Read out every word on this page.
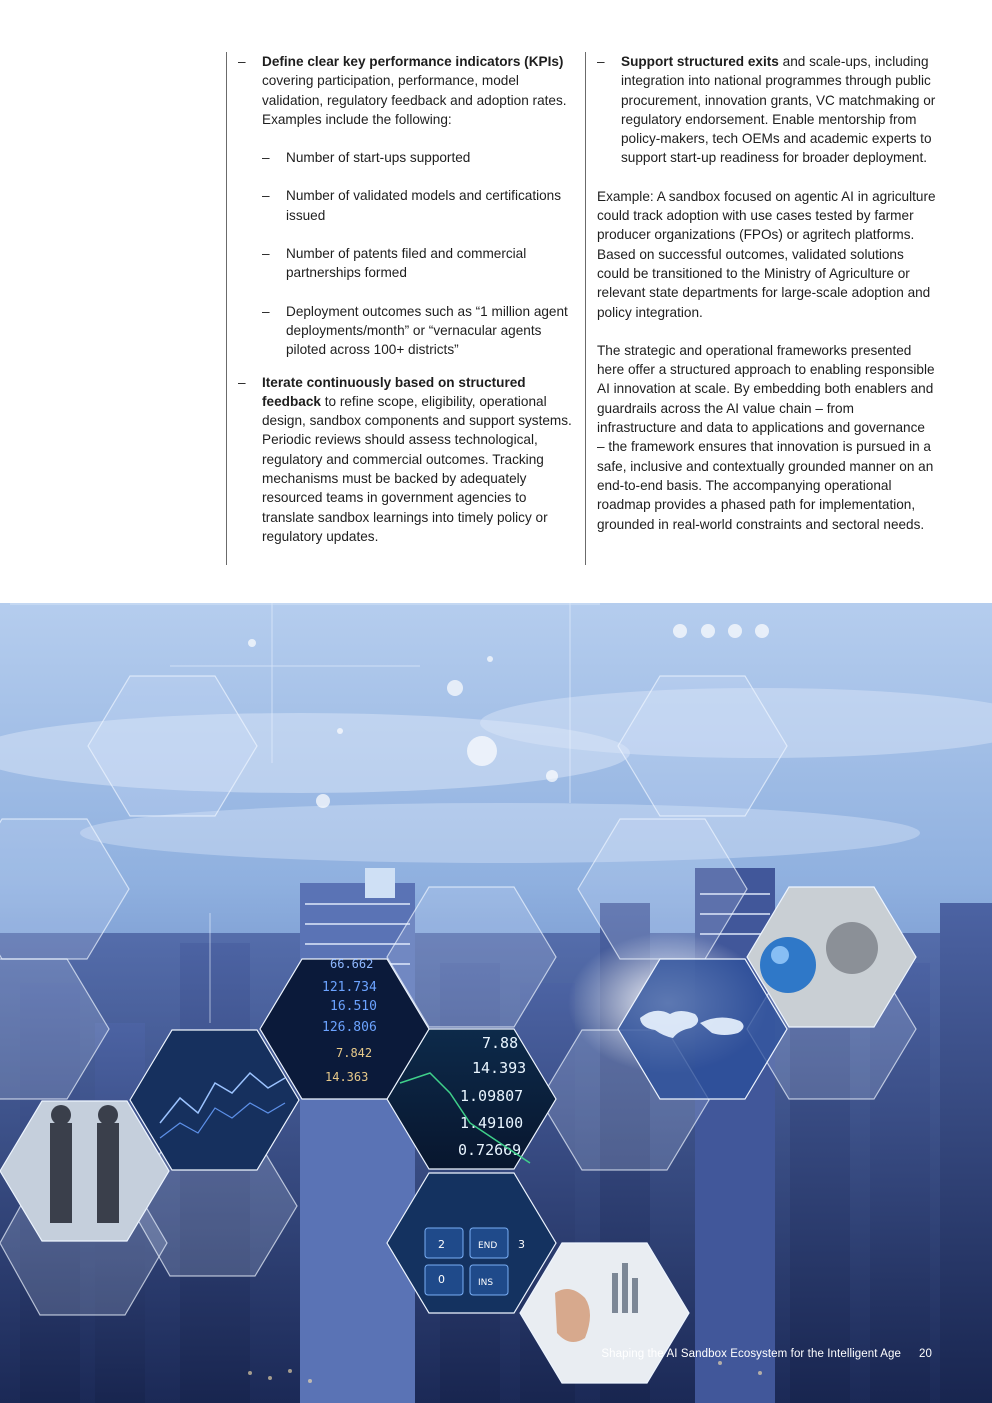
– Define clear key performance indicators (KPIs) covering participation, performance, model validation, regulatory feedback and adoption rates. Examples include the following:
– Number of start-ups supported
– Number of validated models and certifications issued
– Number of patents filed and commercial partnerships formed
– Deployment outcomes such as “1 million agent deployments/month” or “vernacular agents piloted across 100+ districts”
– Iterate continuously based on structured feedback to refine scope, eligibility, operational design, sandbox components and support systems. Periodic reviews should assess technological, regulatory and commercial outcomes. Tracking mechanisms must be backed by adequately resourced teams in government agencies to translate sandbox learnings into timely policy or regulatory updates.
– Support structured exits and scale-ups, including integration into national programmes through public procurement, innovation grants, VC matchmaking or regulatory endorsement. Enable mentorship from policy-makers, tech OEMs and academic experts to support start-up readiness for broader deployment.

Example: A sandbox focused on agentic AI in agriculture could track adoption with use cases tested by farmer producer organizations (FPOs) or agritech platforms. Based on successful outcomes, validated solutions could be transitioned to the Ministry of Agriculture or relevant state departments for large-scale adoption and policy integration.

The strategic and operational frameworks presented here offer a structured approach to enabling responsible AI innovation at scale. By embedding both enablers and guardrails across the AI value chain – from infrastructure and data to applications and governance – the framework ensures that innovation is pursued in a safe, inclusive and contextually grounded manner on an end-to-end basis. The accompanying operational roadmap provides a phased path for implementation, grounded in real-world constraints and sectoral needs.

7.88
14.393
1.09807
1.49100
0.72669
66.662
121.734
16.510
126.806
7.842
14.363
2	END
0	INS
3
Shaping the AI Sandbox Ecosystem for the Intelligent Age 20
